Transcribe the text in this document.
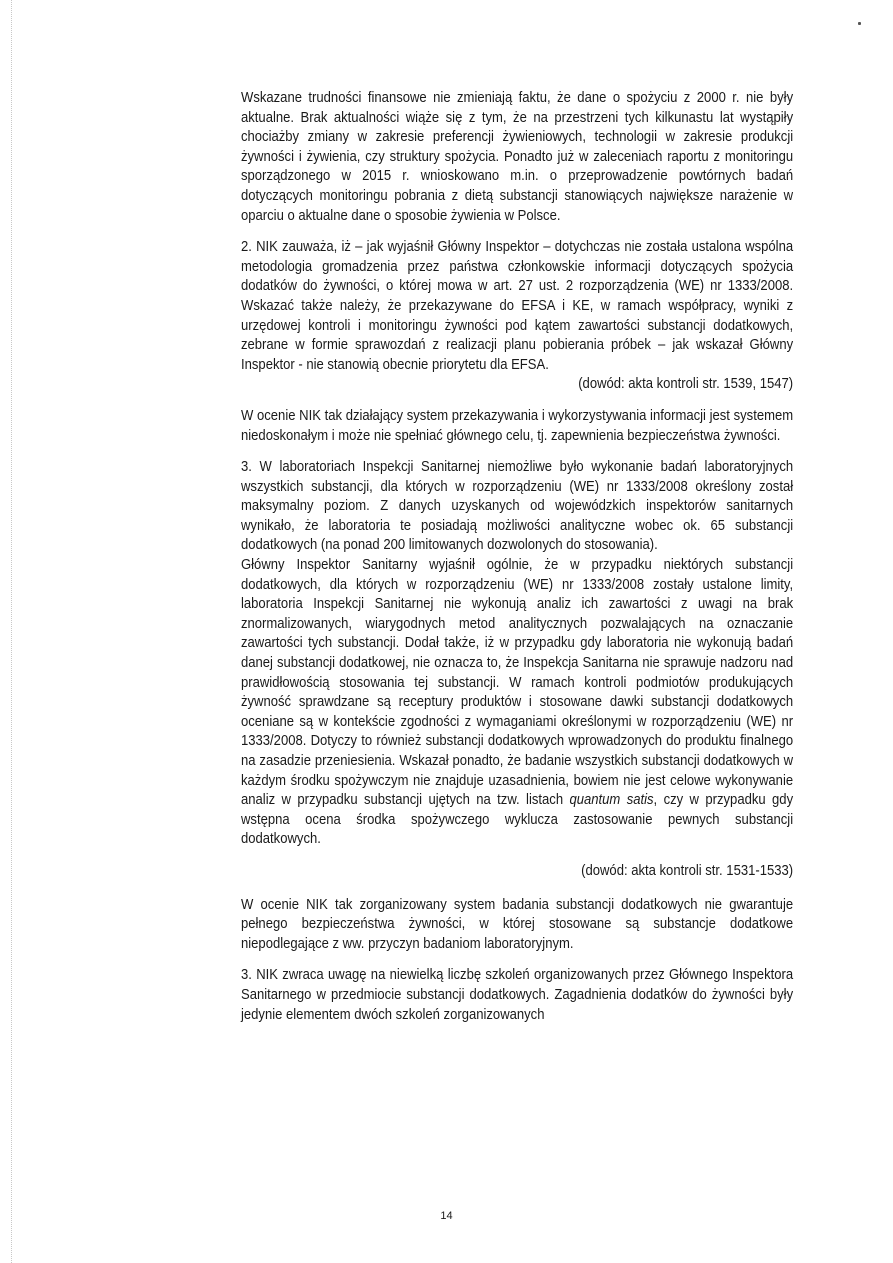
Wskazane trudności finansowe nie zmieniają faktu, że dane o spożyciu z 2000 r. nie były aktualne. Brak aktualności wiąże się z tym, że na przestrzeni tych kilkunastu lat wystąpiły chociażby zmiany w zakresie preferencji żywieniowych, technologii w zakresie produkcji żywności i żywienia, czy struktury spożycia. Ponadto już w zaleceniach raportu z monitoringu sporządzonego w 2015 r. wnioskowano m.in. o przeprowadzenie powtórnych badań dotyczących monitoringu pobrania z dietą substancji stanowiących największe narażenie w oparciu o aktualne dane o sposobie żywienia w Polsce.

2. NIK zauważa, iż – jak wyjaśnił Główny Inspektor – dotychczas nie została ustalona wspólna metodologia gromadzenia przez państwa członkowskie informacji dotyczących spożycia dodatków do żywności, o której mowa w art. 27 ust. 2 rozporządzenia (WE) nr 1333/2008. Wskazać także należy, że przekazywane do EFSA i KE, w ramach współpracy, wyniki z urzędowej kontroli i monitoringu żywności pod kątem zawartości substancji dodatkowych, zebrane w formie sprawozdań z realizacji planu pobierania próbek – jak wskazał Główny Inspektor - nie stanowią obecnie priorytetu dla EFSA.

(dowód: akta kontroli str. 1539, 1547)

W ocenie NIK tak działający system przekazywania i wykorzystywania informacji jest systemem niedoskonałym i może nie spełniać głównego celu, tj. zapewnienia bezpieczeństwa żywności.

3. W laboratoriach Inspekcji Sanitarnej niemożliwe było wykonanie badań laboratoryjnych wszystkich substancji, dla których w rozporządzeniu (WE) nr 1333/2008 określony został maksymalny poziom. Z danych uzyskanych od wojewódzkich inspektorów sanitarnych wynikało, że laboratoria te posiadają możliwości analityczne wobec ok. 65 substancji dodatkowych (na ponad 200 limitowanych dozwolonych do stosowania).

Główny Inspektor Sanitarny wyjaśnił ogólnie, że w przypadku niektórych substancji dodatkowych, dla których w rozporządzeniu (WE) nr 1333/2008 zostały ustalone limity, laboratoria Inspekcji Sanitarnej nie wykonują analiz ich zawartości z uwagi na brak znormalizowanych, wiarygodnych metod analitycznych pozwalających na oznaczanie zawartości tych substancji. Dodał także, iż w przypadku gdy laboratoria nie wykonują badań danej substancji dodatkowej, nie oznacza to, że Inspekcja Sanitarna nie sprawuje nadzoru nad prawidłowością stosowania tej substancji. W ramach kontroli podmiotów produkujących żywność sprawdzane są receptury produktów i stosowane dawki substancji dodatkowych oceniane są w kontekście zgodności z wymaganiami określonymi w rozporządzeniu (WE) nr 1333/2008. Dotyczy to również substancji dodatkowych wprowadzonych do produktu finalnego na zasadzie przeniesienia. Wskazał ponadto, że badanie wszystkich substancji dodatkowych w każdym środku spożywczym nie znajduje uzasadnienia, bowiem nie jest celowe wykonywanie analiz w przypadku substancji ujętych na tzw. listach quantum satis, czy w przypadku gdy wstępna ocena środka spożywczego wyklucza zastosowanie pewnych substancji dodatkowych.

(dowód: akta kontroli str. 1531-1533)

W ocenie NIK tak zorganizowany system badania substancji dodatkowych nie gwarantuje pełnego bezpieczeństwa żywności, w której stosowane są substancje dodatkowe niepodlegające z ww. przyczyn badaniom laboratoryjnym.

3. NIK zwraca uwagę na niewielką liczbę szkoleń organizowanych przez Głównego Inspektora Sanitarnego w przedmiocie substancji dodatkowych. Zagadnienia dodatków do żywności były jedynie elementem dwóch szkoleń zorganizowanych

14
